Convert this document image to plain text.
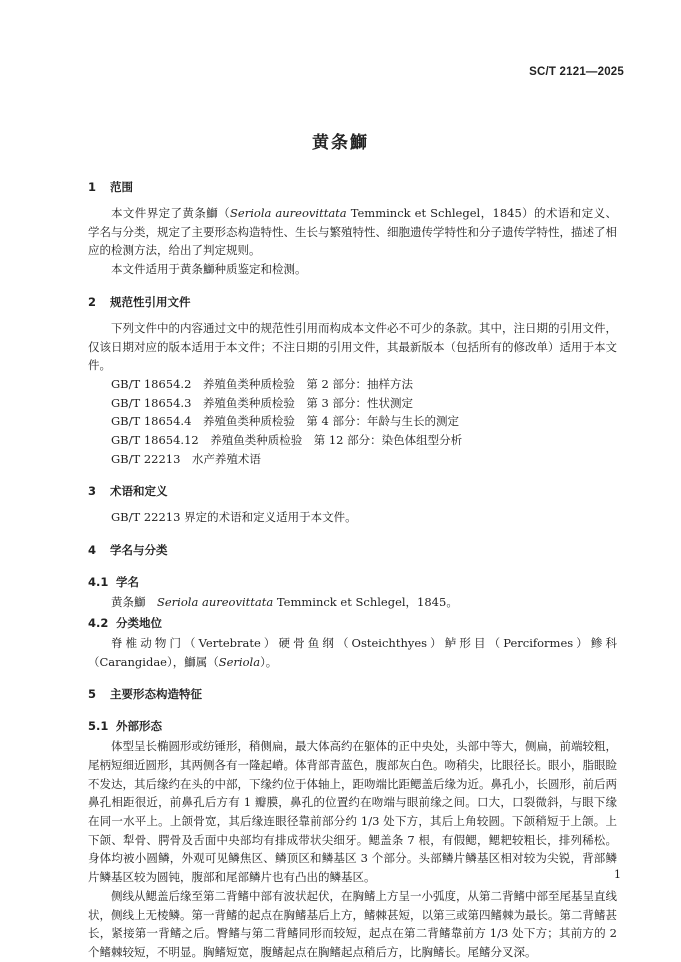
SC/T 2121—2025
黄条鰤
1 范围

本文件界定了黄条鰤（Seriola aureovittata Temminck et Schlegel，1845）的术语和定义、学名与分类，规定了主要形态构造特性、生长与繁殖特性、细胞遗传学特性和分子遗传学特性，描述了相应的检测方法，给出了判定规则。

本文件适用于黄条鰤种质鉴定和检测。

2 规范性引用文件

下列文件中的内容通过文中的规范性引用而构成本文件必不可少的条款。其中，注日期的引用文件，仅该日期对应的版本适用于本文件；不注日期的引用文件，其最新版本（包括所有的修改单）适用于本文件。

GB/T 18654.2　养殖鱼类种质检验　第 2 部分：抽样方法
GB/T 18654.3　养殖鱼类种质检验　第 3 部分：性状测定
GB/T 18654.4　养殖鱼类种质检验　第 4 部分：年龄与生长的测定
GB/T 18654.12　养殖鱼类种质检验　第 12 部分：染色体组型分析
GB/T 22213　水产养殖术语
3 术语和定义

GB/T 22213 界定的术语和定义适用于本文件。

4 学名与分类
4.1 学名

黄条鰤　Seriola aureovittata Temminck et Schlegel，1845。

4.2 分类地位

脊椎动物门（Vertebrate）硬骨鱼纲（Osteichthyes）鲈形目（Perciformes）鲹科（Carangidae），鰤属（Seriola）。

5 主要形态构造特征
5.1 外部形态

体型呈长椭圆形或纺锤形，稍侧扁，最大体高约在躯体的正中央处，头部中等大，侧扁，前端较粗，尾柄短细近圆形，其两侧各有一隆起嵴。体背部青蓝色，腹部灰白色。吻稍尖，比眼径长。眼小，脂眼睑不发达，其后缘约在头的中部，下缘约位于体轴上，距吻端比距鳃盖后缘为近。鼻孔小，长圆形，前后两鼻孔相距很近，前鼻孔后方有 1 瓣膜，鼻孔的位置约在吻端与眼前缘之间。口大，口裂微斜，与眼下缘在同一水平上。上颌骨宽，其后缘连眼径靠前部分约 1/3 处下方，其后上角较圆。下颌稍短于上颌。上下颌、犁骨、腭骨及舌面中央部均有排成带状尖细牙。鳃盖条 7 根，有假鳃，鳃耙较粗长，排列稀松。身体均被小圆鳞，外观可见鳞焦区、鳞顶区和鳞基区 3 个部分。头部鳞片鳞基区相对较为尖锐，背部鳞片鳞基区较为圆钝，腹部和尾部鳞片也有凸出的鳞基区。

侧线从鳃盖后缘至第二背鳍中部有波状起伏，在胸鳍上方呈一小弧度，从第二背鳍中部至尾基呈直线状，侧线上无棱鳞。第一背鳍的起点在胸鳍基后上方，鳍棘甚短，以第三或第四鳍棘为最长。第二背鳍甚长，紧接第一背鳍之后。臀鳍与第二背鳍同形而较短，起点在第二背鳍靠前方 1/3 处下方；其前方的 2 个鳍棘较短，不明显。胸鳍短宽，腹鳍起点在胸鳍起点稍后方，比胸鳍长。尾鳍分叉深。

1
